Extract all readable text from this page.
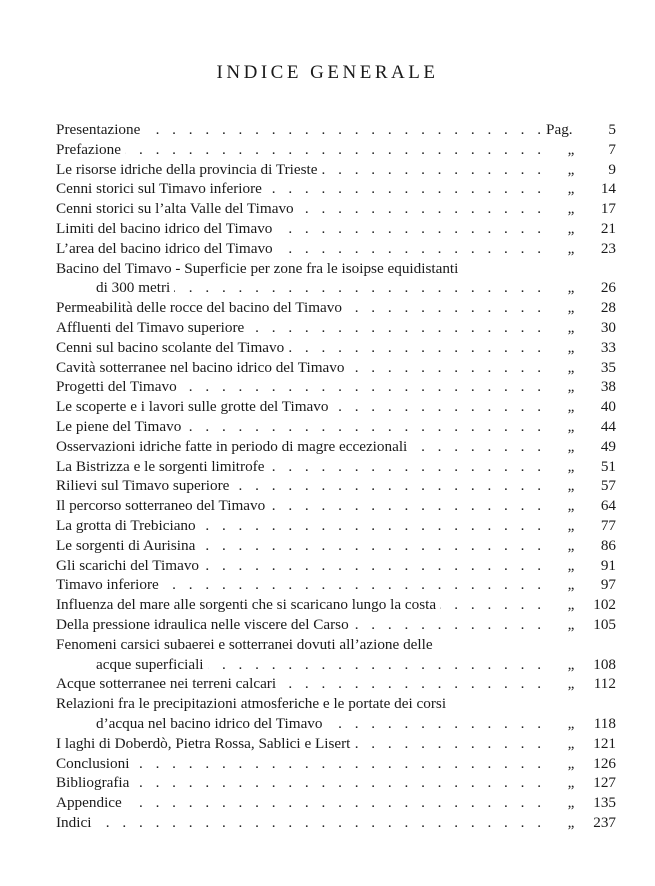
INDICE GENERALE
. . .
Presentazione	Pag.	5
. . .
Prefazione	„	7
. . .
Le risorse idriche della provincia di Trieste	„	9
. . .
Cenni storici sul Timavo inferiore	„	14
. . .
Cenni storici su l’alta Valle del Timavo	„	17
. . .
Limiti del bacino idrico del Timavo	„	21
. . .
L’area del bacino idrico del Timavo	„	23
Bacino del Timavo - Superficie per zone fra le isoipse equidistanti
. . .
di 300 metri	„	26
. . .
Permeabilità delle rocce del bacino del Timavo	„	28
. . .
Affluenti del Timavo superiore	„	30
. . .
Cenni sul bacino scolante del Timavo	„	33
. . .
Cavità sotterranee nel bacino idrico del Timavo	„	35
. . .
Progetti del Timavo	„	38
. . .
Le scoperte e i lavori sulle grotte del Timavo	„	40
. . .
Le piene del Timavo	„	44
. . .
Osservazioni idriche fatte in periodo di magre eccezionali	„	49
. . .
La Bistrizza e le sorgenti limitrofe	„	51
. . .
Rilievi sul Timavo superiore	„	57
. . .
Il percorso sotterraneo del Timavo	„	64
. . .
La grotta di Trebiciano	„	77
. . .
Le sorgenti di Aurisina	„	86
. . .
Gli scarichi del Timavo	„	91
. . .
Timavo inferiore	„	97
. . .
Influenza del mare alle sorgenti che si scaricano lungo la costa	„	102
. . .
Della pressione idraulica nelle viscere del Carso	„	105
Fenomeni carsici subaerei e sotterranei dovuti all’azione delle
. . .
acque superficiali	„	108
. . .
Acque sotterranee nei terreni calcari	„	112
Relazioni fra le precipitazioni atmosferiche e le portate dei corsi
. . .
d’acqua nel bacino idrico del Timavo	„	118
. . .
I laghi di Doberdò, Pietra Rossa, Sablici e Lisert	„	121
. . .
Conclusioni	„	126
. . .
Bibliografia	„	127
. . .
Appendice	„	135
. . .
Indici	„	237
